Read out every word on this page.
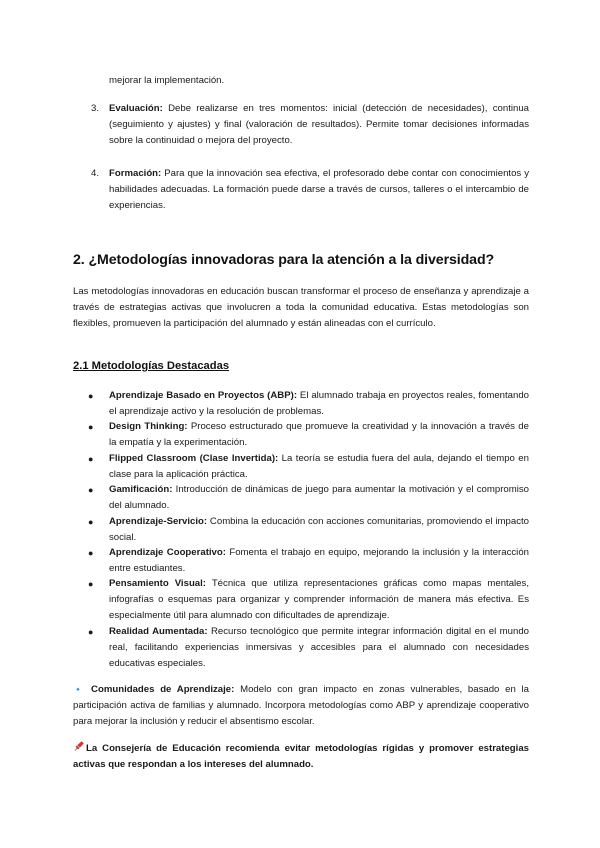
mejorar la implementación.
3.	Evaluación: Debe realizarse en tres momentos: inicial (detección de necesidades), continua (seguimiento y ajustes) y final (valoración de resultados). Permite tomar decisiones informadas sobre la continuidad o mejora del proyecto.
4.	Formación: Para que la innovación sea efectiva, el profesorado debe contar con conocimientos y habilidades adecuadas. La formación puede darse a través de cursos, talleres o el intercambio de experiencias.
2. ¿Metodologías innovadoras para la atención a la diversidad?
Las metodologías innovadoras en educación buscan transformar el proceso de enseñanza y aprendizaje a través de estrategias activas que involucren a toda la comunidad educativa. Estas metodologías son flexibles, promueven la participación del alumnado y están alineadas con el currículo.
2.1 Metodologías Destacadas
●	Aprendizaje Basado en Proyectos (ABP): El alumnado trabaja en proyectos reales, fomentando el aprendizaje activo y la resolución de problemas.
●	Design Thinking: Proceso estructurado que promueve la creatividad y la innovación a través de la empatía y la experimentación.
●	Flipped Classroom (Clase Invertida): La teoría se estudia fuera del aula, dejando el tiempo en clase para la aplicación práctica.
●	Gamificación: Introducción de dinámicas de juego para aumentar la motivación y el compromiso del alumnado.
●	Aprendizaje-Servicio: Combina la educación con acciones comunitarias, promoviendo el impacto social.
●	Aprendizaje Cooperativo: Fomenta el trabajo en equipo, mejorando la inclusión y la interacción entre estudiantes.
●	Pensamiento Visual: Técnica que utiliza representaciones gráficas como mapas mentales, infografías o esquemas para organizar y comprender información de manera más efectiva. Es especialmente útil para alumnado con dificultades de aprendizaje.
●	Realidad Aumentada: Recurso tecnológico que permite integrar información digital en el mundo real, facilitando experiencias inmersivas y accesibles para el alumnado con necesidades educativas especiales.
🔹 Comunidades de Aprendizaje: Modelo con gran impacto en zonas vulnerables, basado en la participación activa de familias y alumnado. Incorpora metodologías como ABP y aprendizaje cooperativo para mejorar la inclusión y reducir el absentismo escolar.
La Consejería de Educación recomienda evitar metodologías rígidas y promover estrategias activas que respondan a los intereses del alumnado.
